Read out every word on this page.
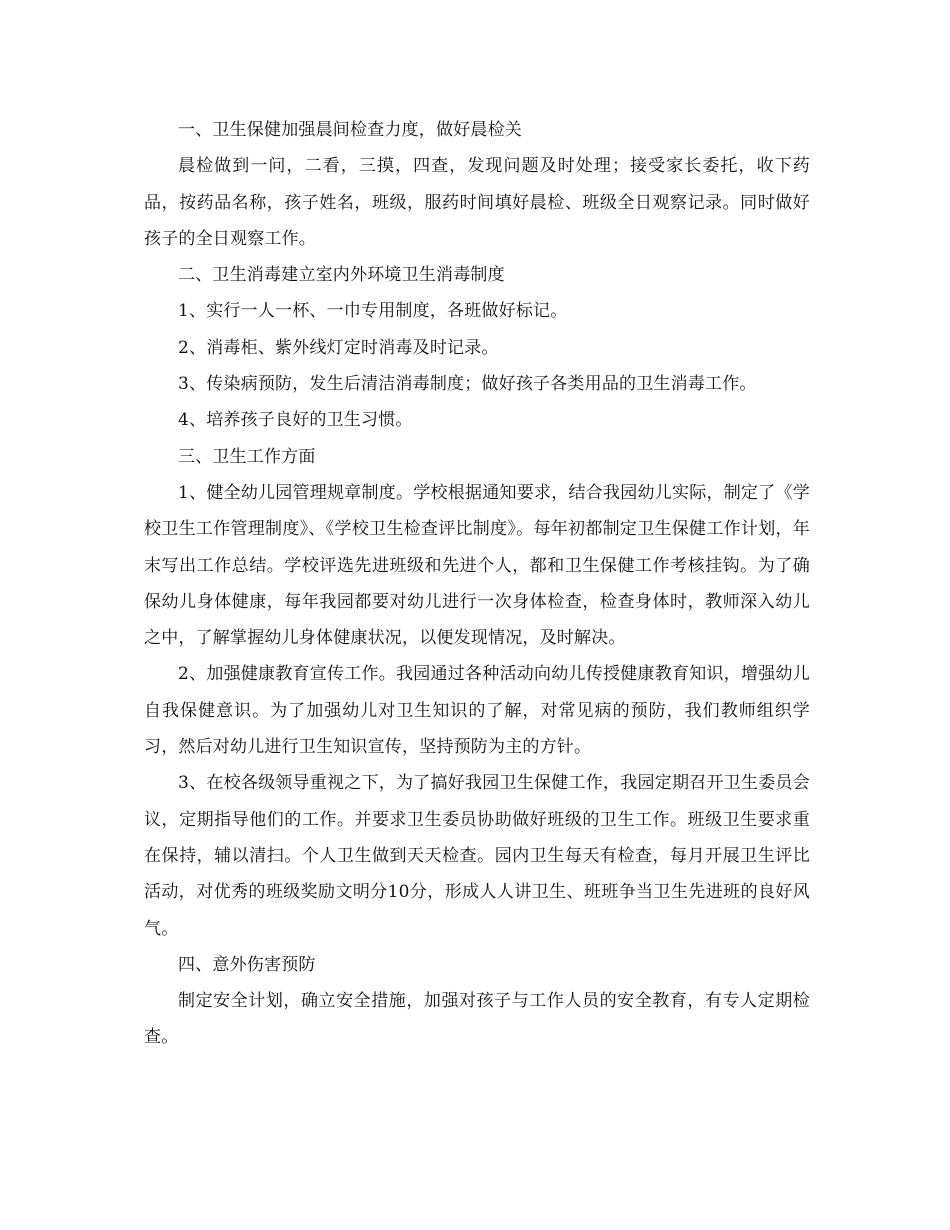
一、卫生保健加强晨间检查力度，做好晨检关

晨检做到一问，二看，三摸，四查，发现问题及时处理；接受家长委托，收下药品，按药品名称，孩子姓名，班级，服药时间填好晨检、班级全日观察记录。同时做好孩子的全日观察工作。

二、卫生消毒建立室内外环境卫生消毒制度

1、实行一人一杯、一巾专用制度，各班做好标记。

2、消毒柜、紫外线灯定时消毒及时记录。

3、传染病预防，发生后清洁消毒制度；做好孩子各类用品的卫生消毒工作。

4、培养孩子良好的卫生习惯。

三、卫生工作方面

1、健全幼儿园管理规章制度。学校根据通知要求，结合我园幼儿实际，制定了《学校卫生工作管理制度》、《学校卫生检查评比制度》。每年初都制定卫生保健工作计划，年末写出工作总结。学校评选先进班级和先进个人，都和卫生保健工作考核挂钩。为了确保幼儿身体健康，每年我园都要对幼儿进行一次身体检查，检查身体时，教师深入幼儿之中，了解掌握幼儿身体健康状况，以便发现情况，及时解决。

2、加强健康教育宣传工作。我园通过各种活动向幼儿传授健康教育知识，增强幼儿自我保健意识。为了加强幼儿对卫生知识的了解，对常见病的预防，我们教师组织学习，然后对幼儿进行卫生知识宣传，坚持预防为主的方针。

3、在校各级领导重视之下，为了搞好我园卫生保健工作，我园定期召开卫生委员会议，定期指导他们的工作。并要求卫生委员协助做好班级的卫生工作。班级卫生要求重在保持，辅以清扫。个人卫生做到天天检查。园内卫生每天有检查，每月开展卫生评比活动，对优秀的班级奖励文明分10分，形成人人讲卫生、班班争当卫生先进班的良好风气。

四、意外伤害预防

制定安全计划，确立安全措施，加强对孩子与工作人员的安全教育，有专人定期检查。
